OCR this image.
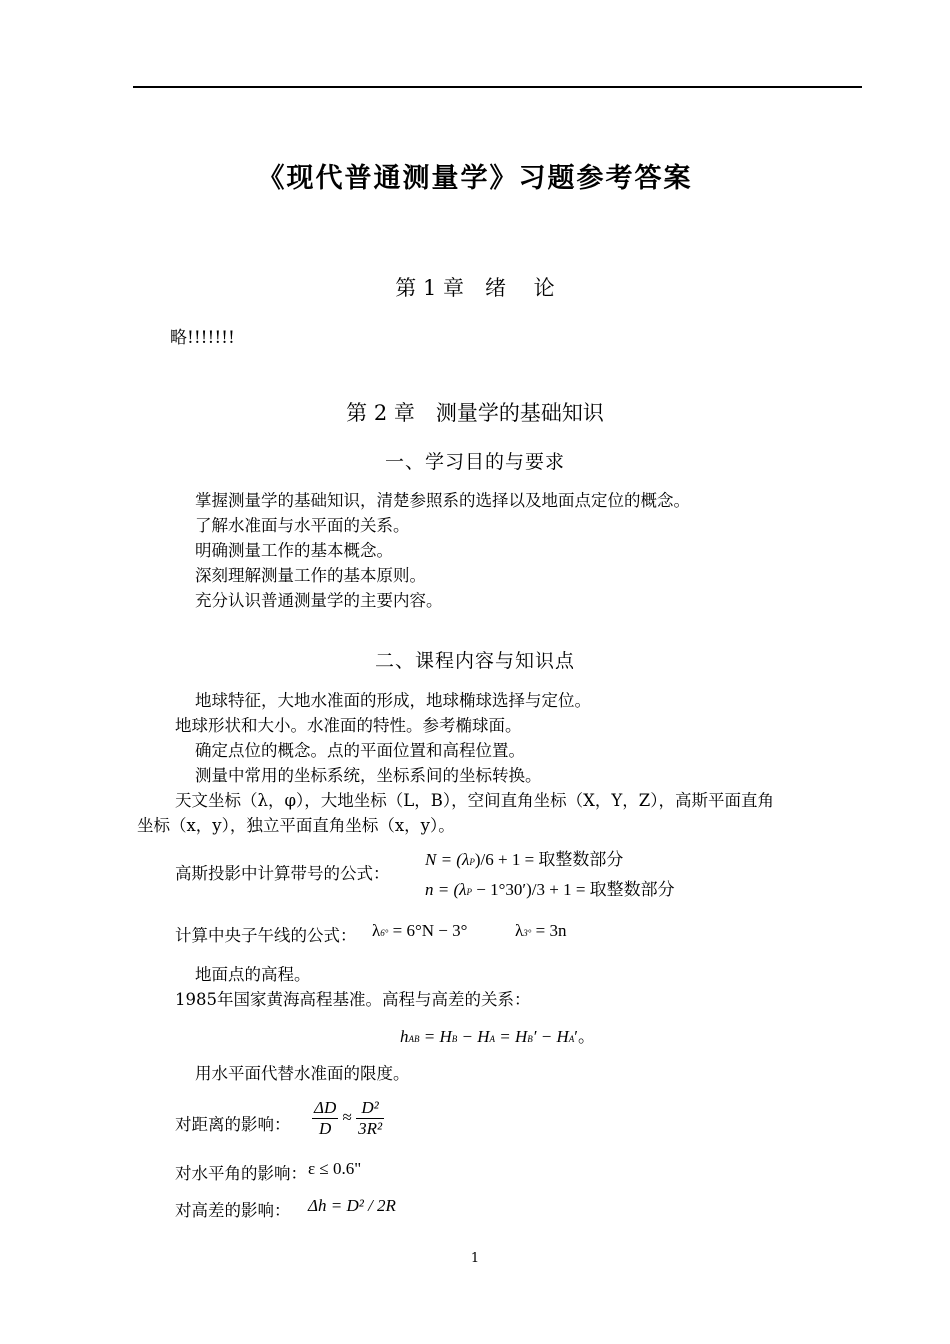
《现代普通测量学》习题参考答案
第 1 章　绪　 论
略!!!!!!!
第 2 章　测量学的基础知识
一、学习目的与要求
掌握测量学的基础知识，清楚参照系的选择以及地面点定位的概念。
了解水准面与水平面的关系。
明确测量工作的基本概念。
深刻理解测量工作的基本原则。
充分认识普通测量学的主要内容。
二、课程内容与知识点
地球特征，大地水准面的形成，地球椭球选择与定位。
地球形状和大小。水准面的特性。参考椭球面。
确定点位的概念。点的平面位置和高程位置。
测量中常用的坐标系统，坐标系间的坐标转换。
天文坐标（λ，φ），大地坐标（L，B），空间直角坐标（X，Y，Z），高斯平面直角
坐标（x，y），独立平面直角坐标（x，y）。
高斯投影中计算带号的公式：
N = (λP)/6 + 1 = 取整数部分
n = (λP − 1°30′)/3 + 1 = 取整数部分
计算中央子午线的公式： λ6° = 6°N − 3°	λ3° = 3n
地面点的高程。
1985年国家黄海高程基准。高程与高差的关系：
hAB = HB − HA = HB′ − HA′。
用水平面代替水准面的限度。
对距离的影响： $\frac{\Delta D}{D} \approx \frac{\text{D²}}{\text{3R²}}$
对水平角的影响： ε ≤ 0.6"
对高差的影响： Δh = D² / 2R
1
